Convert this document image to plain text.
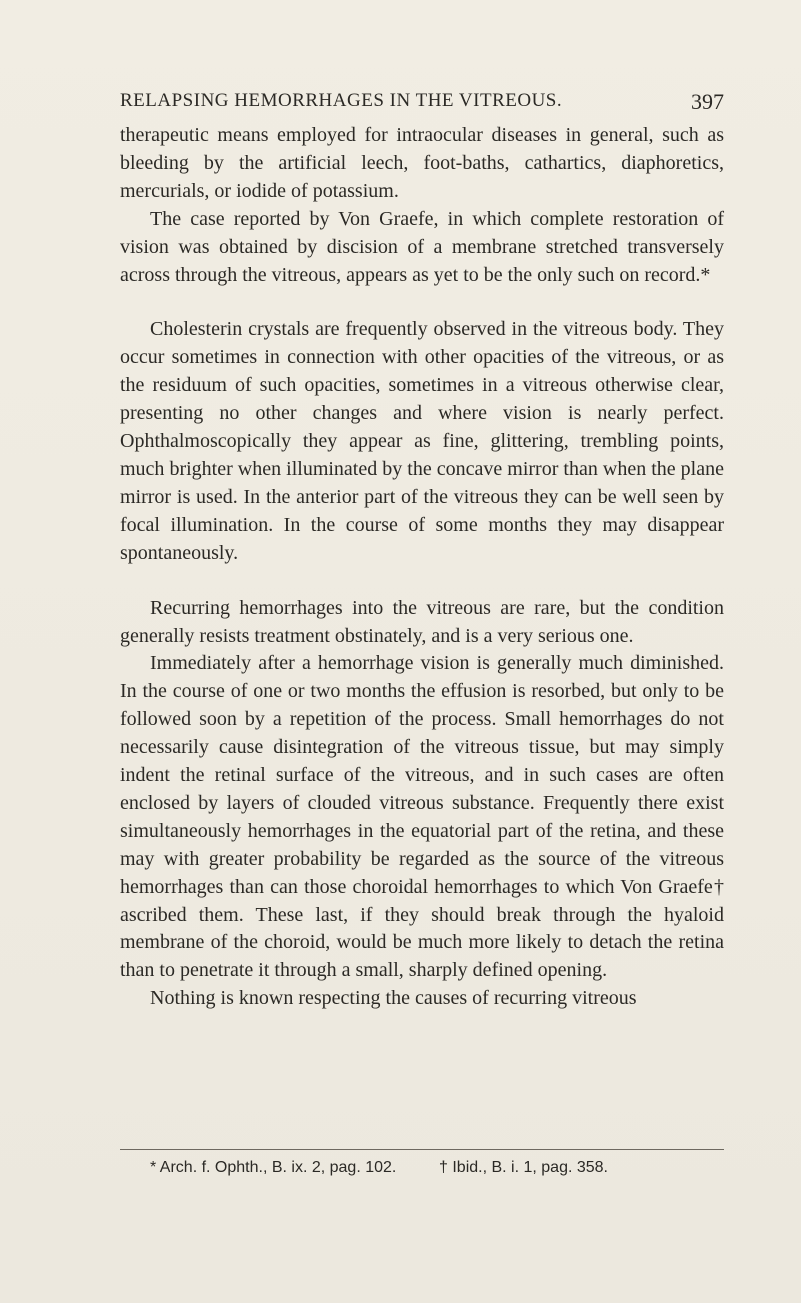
RELAPSING HEMORRHAGES IN THE VITREOUS.	397

therapeutic means employed for intraocular diseases in general, such as bleeding by the artificial leech, foot-baths, cathartics, diaphoretics, mercurials, or iodide of potassium.

The case reported by Von Graefe, in which complete restoration of vision was obtained by discision of a membrane stretched transversely across through the vitreous, appears as yet to be the only such on record.*

Cholesterin crystals are frequently observed in the vitreous body. They occur sometimes in connection with other opacities of the vitreous, or as the residuum of such opacities, sometimes in a vitreous otherwise clear, presenting no other changes and where vision is nearly perfect. Ophthalmoscopically they appear as fine, glittering, trembling points, much brighter when illuminated by the concave mirror than when the plane mirror is used. In the anterior part of the vitreous they can be well seen by focal illumination. In the course of some months they may disappear spontaneously.

Recurring hemorrhages into the vitreous are rare, but the condition generally resists treatment obstinately, and is a very serious one.

Immediately after a hemorrhage vision is generally much diminished. In the course of one or two months the effusion is resorbed, but only to be followed soon by a repetition of the process. Small hemorrhages do not necessarily cause disintegration of the vitreous tissue, but may simply indent the retinal surface of the vitreous, and in such cases are often enclosed by layers of clouded vitreous substance. Frequently there exist simultaneously hemorrhages in the equatorial part of the retina, and these may with greater probability be regarded as the source of the vitreous hemorrhages than can those choroidal hemorrhages to which Von Graefe† ascribed them. These last, if they should break through the hyaloid membrane of the choroid, would be much more likely to detach the retina than to penetrate it through a small, sharply defined opening.

Nothing is known respecting the causes of recurring vitreous

* Arch. f. Ophth., B. ix. 2, pag. 102.	† Ibid., B. i. 1, pag. 358.
